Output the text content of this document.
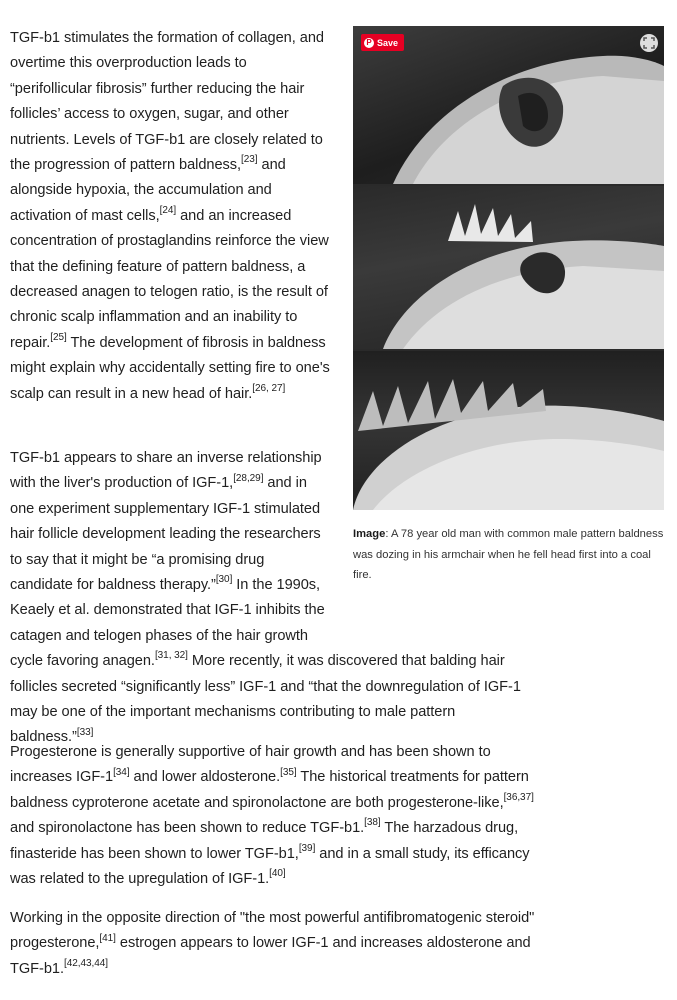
TGF-b1 stimulates the formation of collagen, and overtime this overproduction leads to “perifollicular fibrosis” further reducing the hair follicles’ access to oxygen, sugar, and other nutrients. Levels of TGF-b1 are closely related to the progression of pattern baldness,[23] and alongside hypoxia, the accumulation and activation of mast cells,[24] and an increased concentration of prostaglandins reinforce the view that the defining feature of pattern baldness, a decreased anagen to telogen ratio, is the result of chronic scalp inflammation and an inability to repair.[25] The development of fibrosis in baldness might explain why accidentally setting fire to one's scalp can result in a new head of hair.[26, 27]

TGF-b1 appears to share an inverse relationship with the liver's production of IGF-1,[28,29] and in one experiment supplementary IGF-1 stimulated hair follicle development leading the researchers to say that it might be “a promising drug candidate for baldness therapy.”[30] In the 1990s, Keaely et al. demonstrated that IGF-1 inhibits the catagen and telogen phases of the hair growth cycle favoring anagen.[31, 32] More recently, it was discovered that balding hair follicles secreted “significantly less” IGF-1 and “that the downregulation of IGF-1 may be one of the important mechanisms contributing to male pattern baldness.”[33]

Progesterone is generally supportive of hair growth and has been shown to increases IGF-1[34] and lower aldosterone.[35] The historical treatments for pattern baldness cyproterone acetate and spironolactone are both progesterone-like,[36,37] and spironolactone has been shown to reduce TGF-b1.[38] The harzadous drug, finasteride has been shown to lower TGF-b1,[39] and in a small study, its efficancy was related to the upregulation of IGF-1.[40]

Working in the opposite direction of "the most powerful antifibromatogenic steroid" progesterone,[41] estrogen appears to lower IGF-1 and increases aldosterone and TGF-b1.[42,43,44]

P Save
Image: A 78 year old man with common male pattern baldness was dozing in his armchair when he fell head first into a coal fire.
